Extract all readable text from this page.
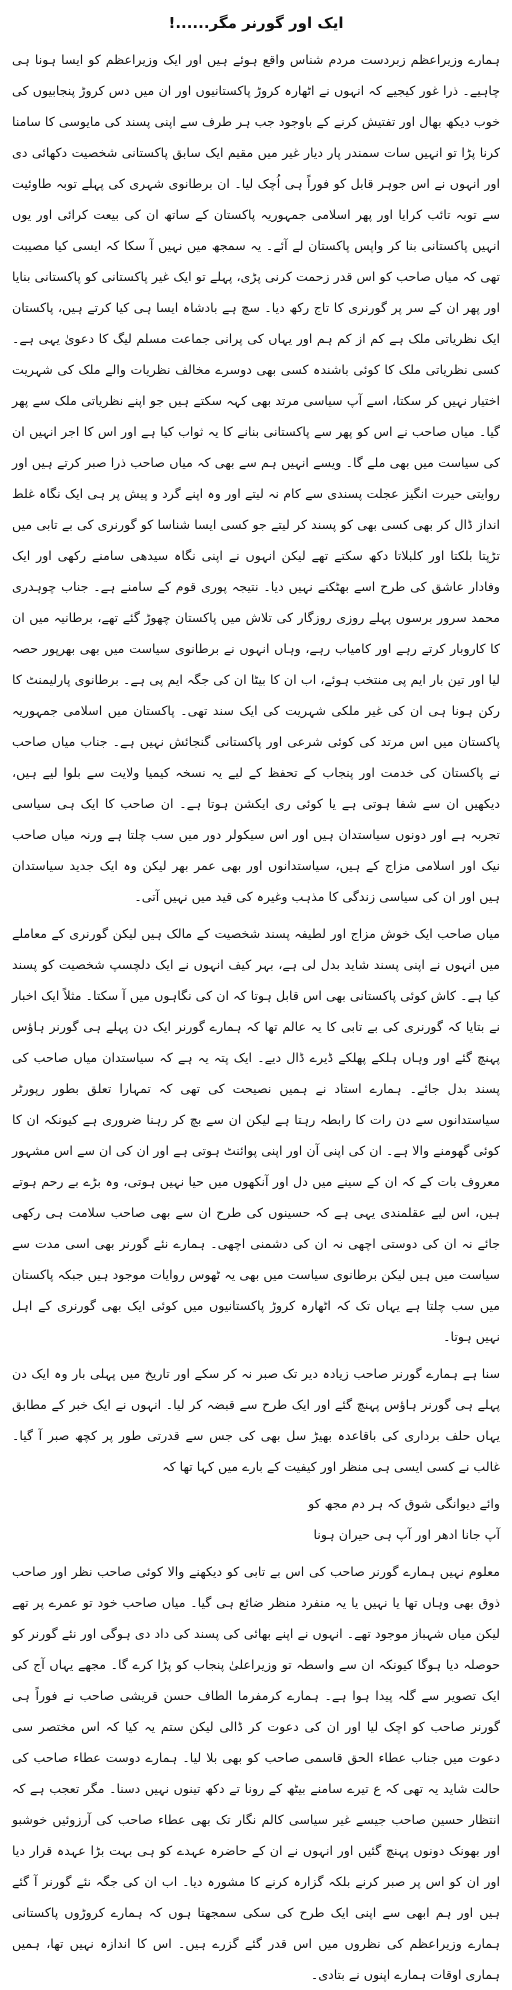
ایک اور گورنر مگر......!

ہمارے وزیراعظم زبردست مردم شناس واقع ہوئے ہیں اور ایک وزیراعظم کو ایسا ہونا ہی چاہیے۔ ذرا غور کیجیے کہ انہوں نے اٹھارہ کروڑ پاکستانیوں اور ان میں دس کروڑ پنجابیوں کی خوب دیکھ بھال اور تفتیش کرنے کے باوجود جب ہر طرف سے اپنی پسند کی مایوسی کا سامنا کرنا پڑا تو انہیں سات سمندر پار دیار غیر میں مقیم ایک سابق پاکستانی شخصیت دکھائی دی اور انہوں نے اس جوہر قابل کو فوراً ہی اُچک لیا۔ ان برطانوی شہری کی پہلے توبہ طاوئیت سے توبہ تائب کرایا اور پھر اسلامی جمہوریہ پاکستان کے ساتھ ان کی بیعت کرائی اور یوں انہیں پاکستانی بنا کر واپس پاکستان لے آئے۔ یہ سمجھ میں نہیں آ سکا کہ ایسی کیا مصیبت تھی کہ میاں صاحب کو اس قدر زحمت کرنی پڑی، پہلے تو ایک غیر پاکستانی کو پاکستانی بنایا اور پھر ان کے سر پر گورنری کا تاج رکھ دیا۔ سچ ہے بادشاہ ایسا ہی کیا کرتے ہیں، پاکستان ایک نظریاتی ملک ہے کم از کم ہم اور یہاں کی پرانی جماعت مسلم لیگ کا دعویٰ یہی ہے۔ کسی نظریاتی ملک کا کوئی باشندہ کسی بھی دوسرے مخالف نظریات والے ملک کی شہریت اختیار نہیں کر سکتا، اسے آپ سیاسی مرتد بھی کہہ سکتے ہیں جو اپنے نظریاتی ملک سے پھر گیا۔ میاں صاحب نے اس کو پھر سے پاکستانی بنانے کا یہ ثواب کیا ہے اور اس کا اجر انہیں ان کی سیاست میں بھی ملے گا۔ ویسے انہیں ہم سے بھی کہ میاں صاحب ذرا صبر کرتے ہیں اور روایتی حیرت انگیز عجلت پسندی سے کام نہ لیتے اور وہ اپنے گرد و پیش پر ہی ایک نگاہ غلط انداز ڈال کر بھی کسی بھی کو پسند کر لیتے جو کسی ایسا شناسا کو گورنری کی بے تابی میں تڑپتا بلکتا اور کلبلاتا دکھ سکتے تھے لیکن انہوں نے اپنی نگاہ سیدھی سامنے رکھی اور ایک وفادار عاشق کی طرح اسے بھٹکنے نہیں دیا۔ نتیجہ پوری قوم کے سامنے ہے۔ جناب چوہدری محمد سرور برسوں پہلے روزی روزگار کی تلاش میں پاکستان چھوڑ گئے تھے، برطانیہ میں ان کا کاروبار کرتے رہے اور کامیاب رہے، وہاں انہوں نے برطانوی سیاست میں بھی بھرپور حصہ لیا اور تین بار ایم پی منتخب ہوئے، اب ان کا بیٹا ان کی جگہ ایم پی ہے۔ برطانوی پارلیمنٹ کا رکن ہونا ہی ان کی غیر ملکی شہریت کی ایک سند تھی۔ پاکستان میں اسلامی جمہوریہ پاکستان میں اس مرتد کی کوئی شرعی اور پاکستانی گنجائش نہیں ہے۔ جناب میاں صاحب نے پاکستان کی خدمت اور پنجاب کے تحفظ کے لیے یہ نسخہ کیمیا ولایت سے بلوا لیے ہیں، دیکھیں ان سے شفا ہوتی ہے یا کوئی ری ایکشن ہوتا ہے۔ ان صاحب کا ایک ہی سیاسی تجربہ ہے اور دونوں سیاستدان ہیں اور اس سیکولر دور میں سب چلتا ہے ورنہ میاں صاحب نیک اور اسلامی مزاج کے ہیں، سیاستدانوں اور بھی عمر بھر لیکن وہ ایک جدید سیاستدان ہیں اور ان کی سیاسی زندگی کا مذہب وغیرہ کی قید میں نہیں آتی۔

میاں صاحب ایک خوش مزاج اور لطیفہ پسند شخصیت کے مالک ہیں لیکن گورنری کے معاملے میں انہوں نے اپنی پسند شاید بدل لی ہے، بہر کیف انہوں نے ایک دلچسپ شخصیت کو پسند کیا ہے۔ کاش کوئی پاکستانی بھی اس قابل ہوتا کہ ان کی نگاہوں میں آ سکتا۔ مثلاً ایک اخبار نے بتایا کہ گورنری کی بے تابی کا یہ عالم تھا کہ ہمارے گورنر ایک دن پہلے ہی گورنر ہاؤس پہنچ گئے اور وہاں ہلکے پھلکے ڈیرے ڈال دیے۔ ایک پتہ یہ ہے کہ سیاستدان میاں صاحب کی پسند بدل جائے۔ ہمارے استاد نے ہمیں نصیحت کی تھی کہ تمہارا تعلق بطور رپورٹر سیاستدانوں سے دن رات کا رابطہ رہتا ہے لیکن ان سے بچ کر رہنا ضروری ہے کیونکہ ان کا کوئی گھومنے والا ہے۔ ان کی اپنی آن اور اپنی پوائنٹ ہوتی ہے اور ان کی ان سے اس مشہور معروف بات کے کہ ان کے سینے میں دل اور آنکھوں میں حیا نہیں ہوتی، وہ بڑے بے رحم ہوتے ہیں، اس لیے عقلمندی یہی ہے کہ حسینوں کی طرح ان سے بھی صاحب سلامت ہی رکھی جائے نہ ان کی دوستی اچھی نہ ان کی دشمنی اچھی۔ ہمارے نئے گورنر بھی اسی مدت سے سیاست میں ہیں لیکن برطانوی سیاست میں بھی یہ ٹھوس روایات موجود ہیں جبکہ پاکستان میں سب چلتا ہے یہاں تک کہ اٹھارہ کروڑ پاکستانیوں میں کوئی ایک بھی گورنری کے اہل نہیں ہوتا۔

سنا ہے ہمارے گورنر صاحب زیادہ دیر تک صبر نہ کر سکے اور تاریخ میں پہلی بار وہ ایک دن پہلے ہی گورنر ہاؤس پہنچ گئے اور ایک طرح سے قبضہ کر لیا۔ انہوں نے ایک خبر کے مطابق یہاں حلف برداری کی باقاعدہ بھیڑ سل بھی کی جس سے قدرتی طور پر کچھ صبر آ گیا۔ غالب نے کسی ایسی ہی منظر اور کیفیت کے بارے میں کہا تھا کہ

وائے دیوانگی شوق کہ ہر دم مجھ کو
آپ جانا ادھر اور آپ ہی حیران ہونا

معلوم نہیں ہمارے گورنر صاحب کی اس بے تابی کو دیکھنے والا کوئی صاحب نظر اور صاحب ذوق بھی وہاں تھا یا نہیں یا یہ منفرد منظر ضائع ہی گیا۔ میاں صاحب خود تو عمرے پر تھے لیکن میاں شہباز موجود تھے۔ انہوں نے اپنے بھائی کی پسند کی داد دی ہوگی اور نئے گورنر کو حوصلہ دیا ہوگا کیونکہ ان سے واسطہ تو وزیراعلیٰ پنجاب کو پڑا کرے گا۔ مجھے یہاں آج کی ایک تصویر سے گلہ پیدا ہوا ہے۔ ہمارے کرمفرما الطاف حسن قریشی صاحب نے فوراً ہی گورنر صاحب کو اچک لیا اور ان کی دعوت کر ڈالی لیکن ستم یہ کیا کہ اس مختصر سی دعوت میں جناب عطاء الحق قاسمی صاحب کو بھی بلا لیا۔ ہمارے دوست عطاء صاحب کی حالت شاید یہ تھی کہ ع تیرے سامنے بیٹھ کے رونا تے دکھ تینوں نہیں دسنا۔ مگر تعجب ہے کہ انتظار حسین صاحب جیسے غیر سیاسی کالم نگار تک بھی عطاء صاحب کی آرزوئیں خوشبو اور بھونک دونوں پہنچ گئیں اور انہوں نے ان کے حاضرہ عہدے کو ہی بہت بڑا عہدہ قرار دیا اور ان کو اس پر صبر کرنے بلکہ گزارہ کرنے کا مشورہ دیا۔ اب ان کی جگہ نئے گورنر آ گئے ہیں اور ہم ابھی سے اپنی ایک طرح کی سکی سمجھتا ہوں کہ ہمارے کروڑوں پاکستانی ہمارے وزیراعظم کی نظروں میں اس قدر گئے گزرے ہیں۔ اس کا اندازہ نہیں تھا، ہمیں ہماری اوقات ہمارے اپنوں نے بتادی۔
